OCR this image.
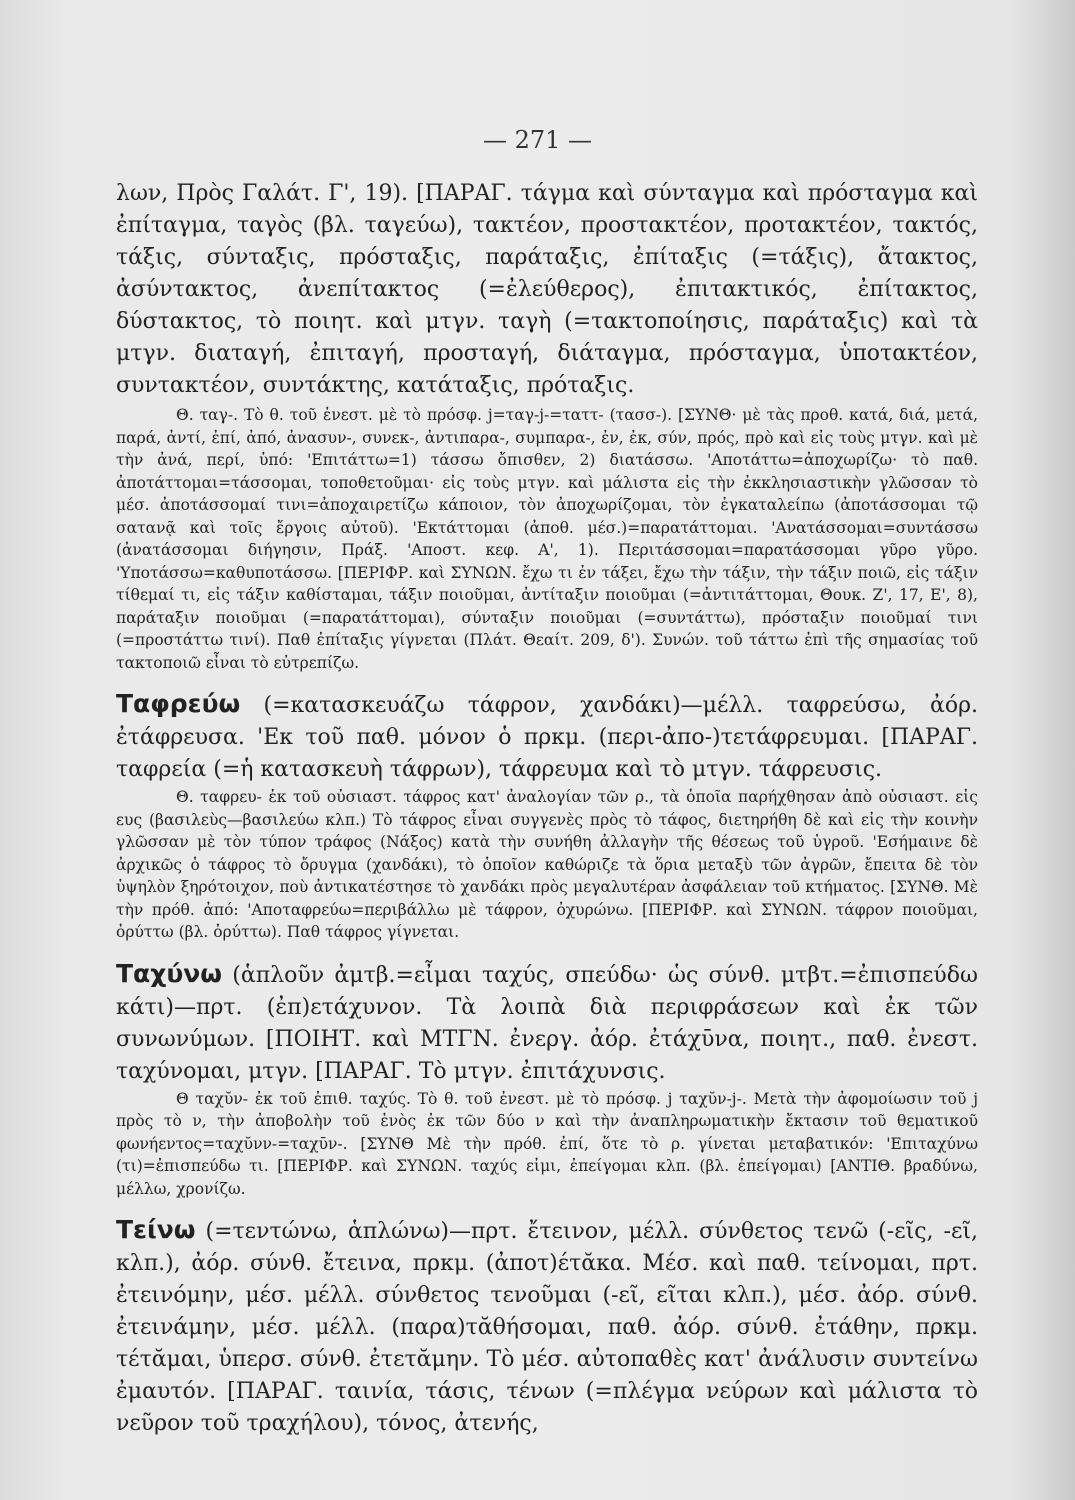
— 271 —

λων, Πρὸς Γαλάτ. Γ', 19). [ΠΑΡΑΓ. τάγμα καὶ σύνταγμα καὶ πρόσταγμα καὶ ἐπίταγμα, ταγὸς (βλ. ταγεύω), τακτέον, προστακτέον, προτακτέον, τακτός, τάξις, σύνταξις, πρόσταξις, παράταξις, ἐπίταξις (=τάξις), ἄτακτος, ἀσύντακτος, ἀνεπίτακτος (=ἐλεύθερος), ἐπιτακτικός, ἐπίτακτος, δύστακτος, τὸ ποιητ. καὶ μτγν. ταγὴ (=τακτοποίησις, παράταξις) καὶ τὰ μτγν. διαταγή, ἐπιταγή, προσταγή, διάταγμα, πρόσταγμα, ὑποτακτέον, συντακτέον, συντάκτης, κατάταξις, πρόταξις.

Θ. ταγ-. Τὸ θ. τοῦ ἐνεστ. μὲ τὸ πρόσφ. j=ταγ-j-=ταττ- (τασσ-). [ΣΥΝΘ· μὲ τὰς προθ. κατά, διά, μετά, παρά, ἀντί, ἐπί, ἀπό, ἀνασυν-, συνεκ-, ἀντιπαρα-, συμπαρα-, ἐν, ἐκ, σύν, πρός, πρὸ καὶ εἰς τοὺς μτγν. καὶ μὲ τὴν ἀνά, περί, ὑπό: 'Επιτάττω=1) τάσσω ὄπισθεν, 2) διατάσσω. 'Αποτάττω=ἀποχωρίζω· τὸ παθ. ἀποτάττομαι=τάσσομαι, τοποθετοῦμαι· εἰς τοὺς μτγν. καὶ μάλιστα εἰς τὴν ἐκκλησιαστικὴν γλῶσσαν τὸ μέσ. ἀποτάσσομαί τινι=ἀποχαιρετίζω κάποιον, τὸν ἀποχωρίζομαι, τὸν ἐγκαταλείπω (ἀποτάσσομαι τῷ σατανᾷ καὶ τοῖς ἔργοις αὐτοῦ). 'Εκτάττομαι (ἀποθ. μέσ.)=παρατάττομαι. 'Ανατάσσομαι=συντάσσω (ἀνατάσσομαι διήγησιν, Πράξ. 'Αποστ. κεφ. Α', 1). Περιτάσσομαι=παρατάσσομαι γῦρο γῦρο. 'Υποτάσσω=καθυποτάσσω. [ΠΕΡΙΦΡ. καὶ ΣΥΝΩΝ. ἔχω τι ἐν τάξει, ἔχω τὴν τάξιν, τὴν τάξιν ποιῶ, εἰς τάξιν τίθεμαί τι, εἰς τάξιν καθίσταμαι, τάξιν ποιοῦμαι, ἀντίταξιν ποιοῦμαι (=ἀντιτάττομαι, Θουκ. Ζ', 17, Ε', 8), παράταξιν ποιοῦμαι (=παρατάττομαι), σύνταξιν ποιοῦμαι (=συντάττω), πρόσταξιν ποιοῦμαί τινι (=προστάττω τινί). Παθ ἐπίταξις γίγνεται (Πλάτ. Θεαίτ. 209, δ'). Συνών. τοῦ τάττω ἐπὶ τῆς σημασίας τοῦ τακτοποιῶ εἶναι τὸ εὐτρεπίζω.

Ταφρεύω (=κατασκευάζω τάφρον, χανδάκι)—μέλλ. ταφρεύσω, ἀόρ. ἐτάφρευσα. 'Εκ τοῦ παθ. μόνον ὁ πρκμ. (περι-ἀπο-)τετάφρευμαι. [ΠΑΡΑΓ. ταφρεία (=ἡ κατασκευὴ τάφρων), τάφρευμα καὶ τὸ μτγν. τάφρευσις.

Θ. ταφρευ- ἐκ τοῦ οὐσιαστ. τάφρος κατ' ἀναλογίαν τῶν ρ., τὰ ὁποῖα παρήχθησαν ἀπὸ οὐσιαστ. εἰς ευς (βασιλεὺς—βασιλεύω κλπ.) Τὸ τάφρος εἶναι συγγενὲς πρὸς τὸ τάφος, διετηρήθη δὲ καὶ εἰς τὴν κοινὴν γλῶσσαν μὲ τὸν τύπον τράφος (Νάξος) κατὰ τὴν συνήθη ἀλλαγὴν τῆς θέσεως τοῦ ὑγροῦ. 'Εσήμαινε δὲ ἀρχικῶς ὁ τάφρος τὸ ὄρυγμα (χανδάκι), τὸ ὁποῖον καθώριζε τὰ ὅρια μεταξὺ τῶν ἀγρῶν, ἔπειτα δὲ τὸν ὑψηλὸν ξηρότοιχον, ποὺ ἀντικατέστησε τὸ χανδάκι πρὸς μεγαλυτέραν ἀσφάλειαν τοῦ κτήματος. [ΣΥΝΘ. Μὲ τὴν πρόθ. ἀπό: 'Αποταφρεύω=περιβάλλω μὲ τάφρον, ὀχυρώνω. [ΠΕΡΙΦΡ. καὶ ΣΥΝΩΝ. τάφρον ποιοῦμαι, ὀρύττω (βλ. ὀρύττω). Παθ τάφρος γίγνεται.

Ταχύνω (ἁπλοῦν ἀμτβ.=εἶμαι ταχύς, σπεύδω· ὡς σύνθ. μτβτ.=ἐπισπεύδω κάτι)—πρτ. (ἐπ)ετάχυνον. Τὰ λοιπὰ διὰ περιφράσεων καὶ ἐκ τῶν συνωνύμων. [ΠΟΙΗΤ. καὶ ΜΤΓΝ. ἐνεργ. ἀόρ. ἐτάχῡνα, ποιητ., παθ. ἐνεστ. ταχύνομαι, μτγν. [ΠΑΡΑΓ. Τὸ μτγν. ἐπιτάχυνσις.

Θ ταχῠν- ἐκ τοῦ ἐπιθ. ταχύς. Τὸ θ. τοῦ ἐνεστ. μὲ τὸ πρόσφ. j ταχῠν-j-. Μετὰ τὴν ἀφομοίωσιν τοῦ j πρὸς τὸ ν, τὴν ἀποβολὴν τοῦ ἑνὸς ἐκ τῶν δύο ν καὶ τὴν ἀναπληρωματικὴν ἔκτασιν τοῦ θεματικοῦ φωνήεντος=ταχῠνν-=ταχῡν-. [ΣΥΝΘ Μὲ τὴν πρόθ. ἐπί, ὅτε τὸ ρ. γίνεται μεταβατικόν: 'Επιταχύνω (τι)=ἐπισπεύδω τι. [ΠΕΡΙΦΡ. καὶ ΣΥΝΩΝ. ταχύς εἰμι, ἐπείγομαι κλπ. (βλ. ἐπείγομαι) [ΑΝΤΙΘ. βραδύνω, μέλλω, χρονίζω.

Τείνω (=τεντώνω, ἁπλώνω)—πρτ. ἔτεινον, μέλλ. σύνθετος τενῶ (-εῖς, -εῖ, κλπ.), ἀόρ. σύνθ. ἔτεινα, πρκμ. (ἀποτ)έτᾰκα. Μέσ. καὶ παθ. τείνομαι, πρτ. ἐτεινόμην, μέσ. μέλλ. σύνθετος τενοῦμαι (-εῖ, εῖται κλπ.), μέσ. ἀόρ. σύνθ. ἐτεινάμην, μέσ. μέλλ. (παρα)τᾰθήσομαι, παθ. ἀόρ. σύνθ. ἐτάθην, πρκμ. τέτᾰμαι, ὑπερσ. σύνθ. ἐτετᾰμην. Τὸ μέσ. αὐτοπαθὲς κατ' ἀνάλυσιν συντείνω ἐμαυτόν. [ΠΑΡΑΓ. ταινία, τάσις, τένων (=πλέγμα νεύρων καὶ μάλιστα τὸ νεῦρον τοῦ τραχήλου), τόνος, ἀτενής,
